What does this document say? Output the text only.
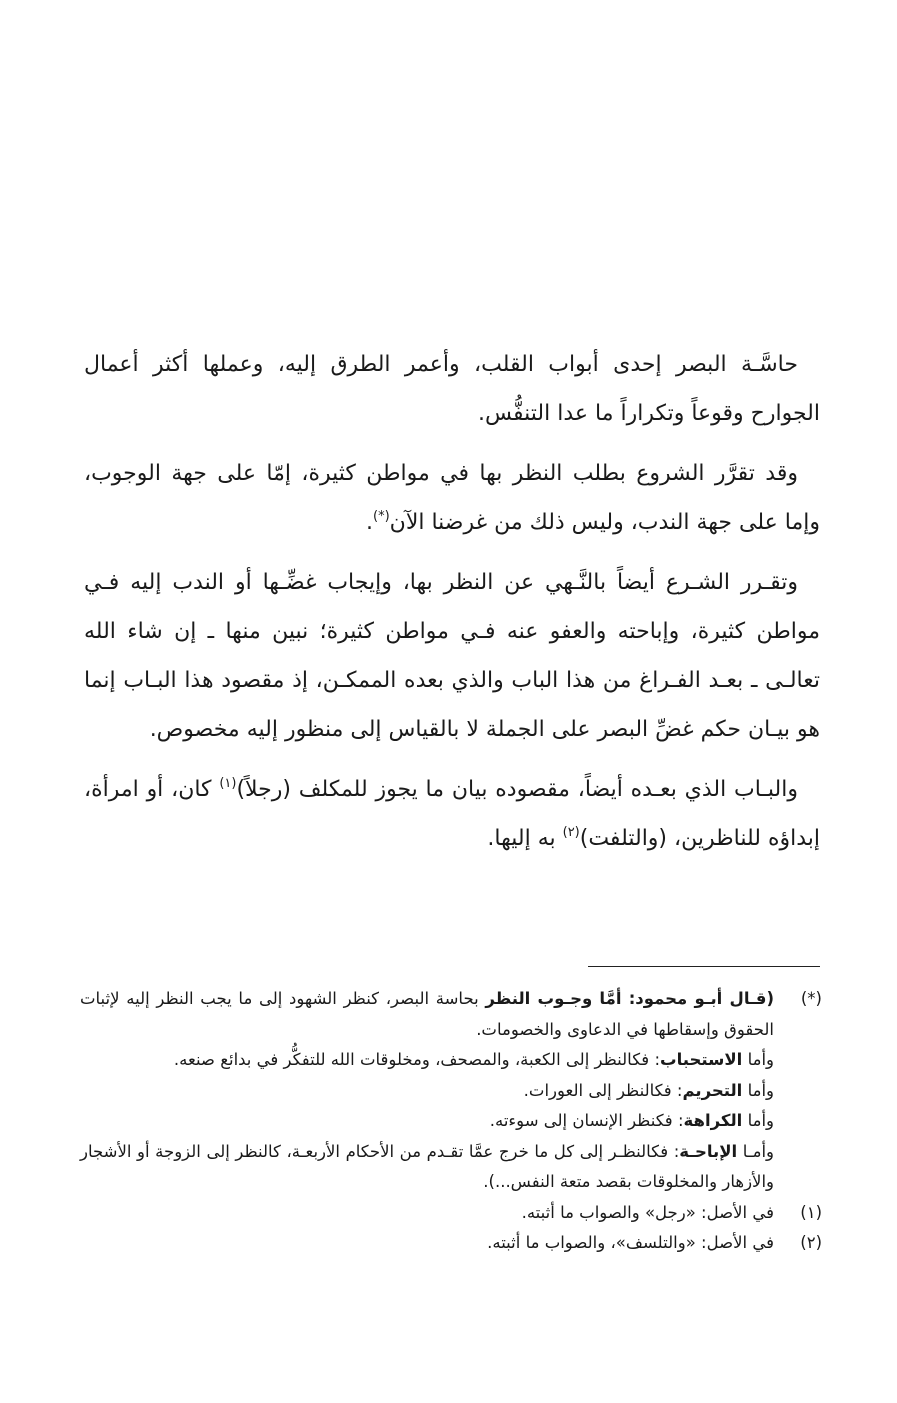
حاسَّـة البصر إحدى أبواب القلب، وأعمر الطرق إليه، وعملها أكثر أعمال الجوارح وقوعاً وتكراراً ما عدا التنفُّس.

وقد تقرَّر الشروع بطلب النظر بها في مواطن كثيرة، إمّا على جهة الوجوب، وإما على جهة الندب، وليس ذلك من غرضنا الآن(*).

وتقـرر الشـرع أيضاً بالنَّـهي عن النظر بها، وإيجاب غضِّـها أو الندب إليه فـي مواطن كثيرة، وإباحته والعفو عنه فـي مواطن كثيرة؛ نبين منها ـ إن شاء الله تعالـى ـ بعـد الفـراغ من هذا الباب والذي بعده الممكـن، إذ مقصود هذا البـاب إنما هو بيـان حكم غضِّ البصر على الجملة لا بالقياس إلى منظور إليه مخصوص.

والبـاب الذي بعـده أيضاً، مقصوده بيان ما يجوز للمكلف (رجلاً)$^{(١)}$ كان، أو امرأة، إبداؤه للناظرين، (والتلفت)$^{(٢)}$ به إليها.

(*)

(قـال أبـو محمود: أمَّا وجـوب النظر بحاسة البصر، كنظر الشهود إلى ما يجب النظر إليه لإثبات الحقوق وإسقاطها في الدعاوى والخصومات.

وأما الاستحباب: فكالنظر إلى الكعبة، والمصحف، ومخلوقات الله للتفكُّر في بدائع صنعه.

وأما التحريم: فكالنظر إلى العورات.

وأما الكراهة: فكنظر الإنسان إلى سوءته.

وأمـا الإباحـة: فكالنظـر إلى كل ما خرج عمَّا تقـدم من الأحكام الأربعـة، كالنظر إلى الزوجة أو الأشجار والأزهار والمخلوقات بقصد متعة النفس...).

(١)
في الأصل: «رجل» والصواب ما أثبته.
(٢)
في الأصل: «والتلسف»، والصواب ما أثبته.
